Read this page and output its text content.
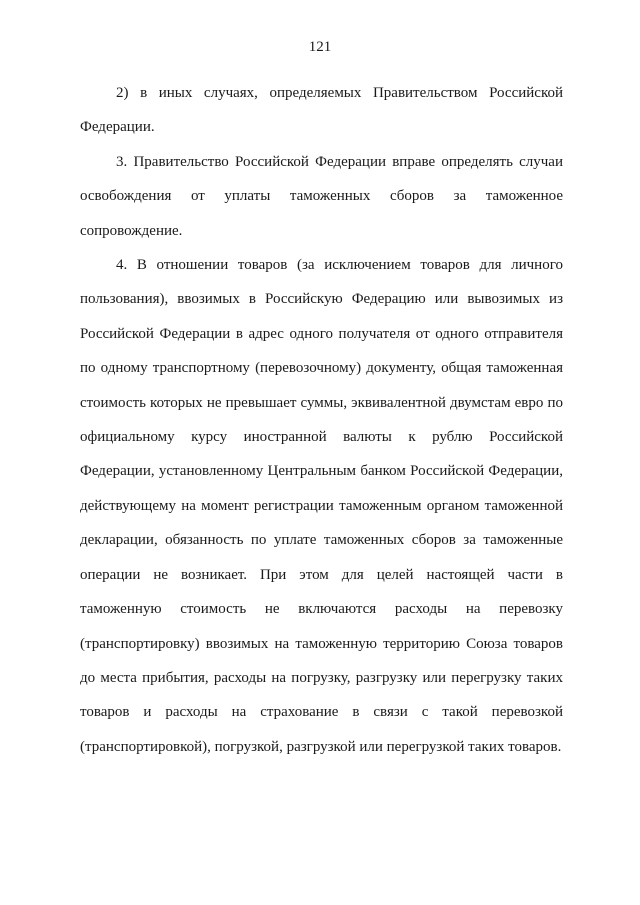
121

2) в иных случаях, определяемых Правительством Российской
Федерации.

3. Правительство Российской Федерации вправе определять случаи
освобождения от уплаты таможенных сборов за таможенное
сопровождение.

4. В отношении товаров (за исключением товаров для личного
пользования), ввозимых в Российскую Федерацию или вывозимых из
Российской Федерации в адрес одного получателя от одного отправителя
по одному транспортному (перевозочному) документу, общая таможенная
стоимость которых не превышает суммы, эквивалентной двумстам евро по
официальному курсу иностранной валюты к рублю Российской
Федерации, установленному Центральным банком Российской Федерации,
действующему на момент регистрации таможенным органом таможенной
декларации, обязанность по уплате таможенных сборов за таможенные
операции не возникает. При этом для целей настоящей части в
таможенную стоимость не включаются расходы на перевозку
(транспортировку) ввозимых на таможенную территорию Союза товаров
до места прибытия, расходы на погрузку, разгрузку или перегрузку таких
товаров и расходы на страхование в связи с такой перевозкой
(транспортировкой), погрузкой, разгрузкой или перегрузкой таких товаров.
